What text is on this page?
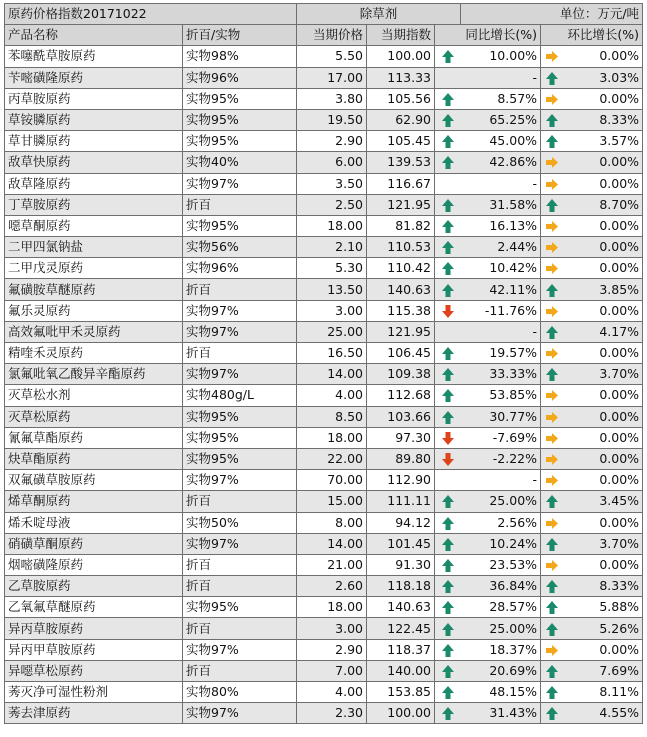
原药价格指数20171022		除草剂			单位：万元/吨		
产品名称	折百/实物	当期价格	当期指数	同比增长(%)		环比增长(%)	
苯噻酰草胺原药	实物98%	5.50	100.00		10.00%		0.00%
苄嘧磺隆原药	实物96%	17.00	113.33		-		3.03%
丙草胺原药	实物95%	3.80	105.56		8.57%		0.00%
草铵膦原药	实物95%	19.50	62.90		65.25%		8.33%
草甘膦原药	实物95%	2.90	105.45		45.00%		3.57%
敌草快原药	实物40%	6.00	139.53		42.86%		0.00%
敌草隆原药	实物97%	3.50	116.67		-		0.00%
丁草胺原药	折百	2.50	121.95		31.58%		8.70%
噁草酮原药	实物95%	18.00	81.82		16.13%		0.00%
二甲四氯钠盐	实物56%	2.10	110.53		2.44%		0.00%
二甲戊灵原药	实物96%	5.30	110.42		10.42%		0.00%
氟磺胺草醚原药	折百	13.50	140.63		42.11%		3.85%
氟乐灵原药	实物97%	3.00	115.38		-11.76%		0.00%
高效氟吡甲禾灵原药	实物97%	25.00	121.95		-		4.17%
精喹禾灵原药	折百	16.50	106.45		19.57%		0.00%
氯氟吡氧乙酸异辛酯原药	实物97%	14.00	109.38		33.33%		3.70%
灭草松水剂	实物480g/L	4.00	112.68		53.85%		0.00%
灭草松原药	实物95%	8.50	103.66		30.77%		0.00%
氰氟草酯原药	实物95%	18.00	97.30		-7.69%		0.00%
炔草酯原药	实物95%	22.00	89.80		-2.22%		0.00%
双氟磺草胺原药	实物97%	70.00	112.90		-		0.00%
烯草酮原药	折百	15.00	111.11		25.00%		3.45%
烯禾啶母液	实物50%	8.00	94.12		2.56%		0.00%
硝磺草酮原药	实物97%	14.00	101.45		10.24%		3.70%
烟嘧磺隆原药	折百	21.00	91.30		23.53%		0.00%
乙草胺原药	折百	2.60	118.18		36.84%		8.33%
乙氧氟草醚原药	实物95%	18.00	140.63		28.57%		5.88%
异丙草胺原药	折百	3.00	122.45		25.00%		5.26%
异丙甲草胺原药	实物97%	2.90	118.37		18.37%		0.00%
异噁草松原药	折百	7.00	140.00		20.69%		7.69%
莠灭净可湿性粉剂	实物80%	4.00	153.85		48.15%		8.11%
莠去津原药	实物97%	2.30	100.00		31.43%		4.55%
